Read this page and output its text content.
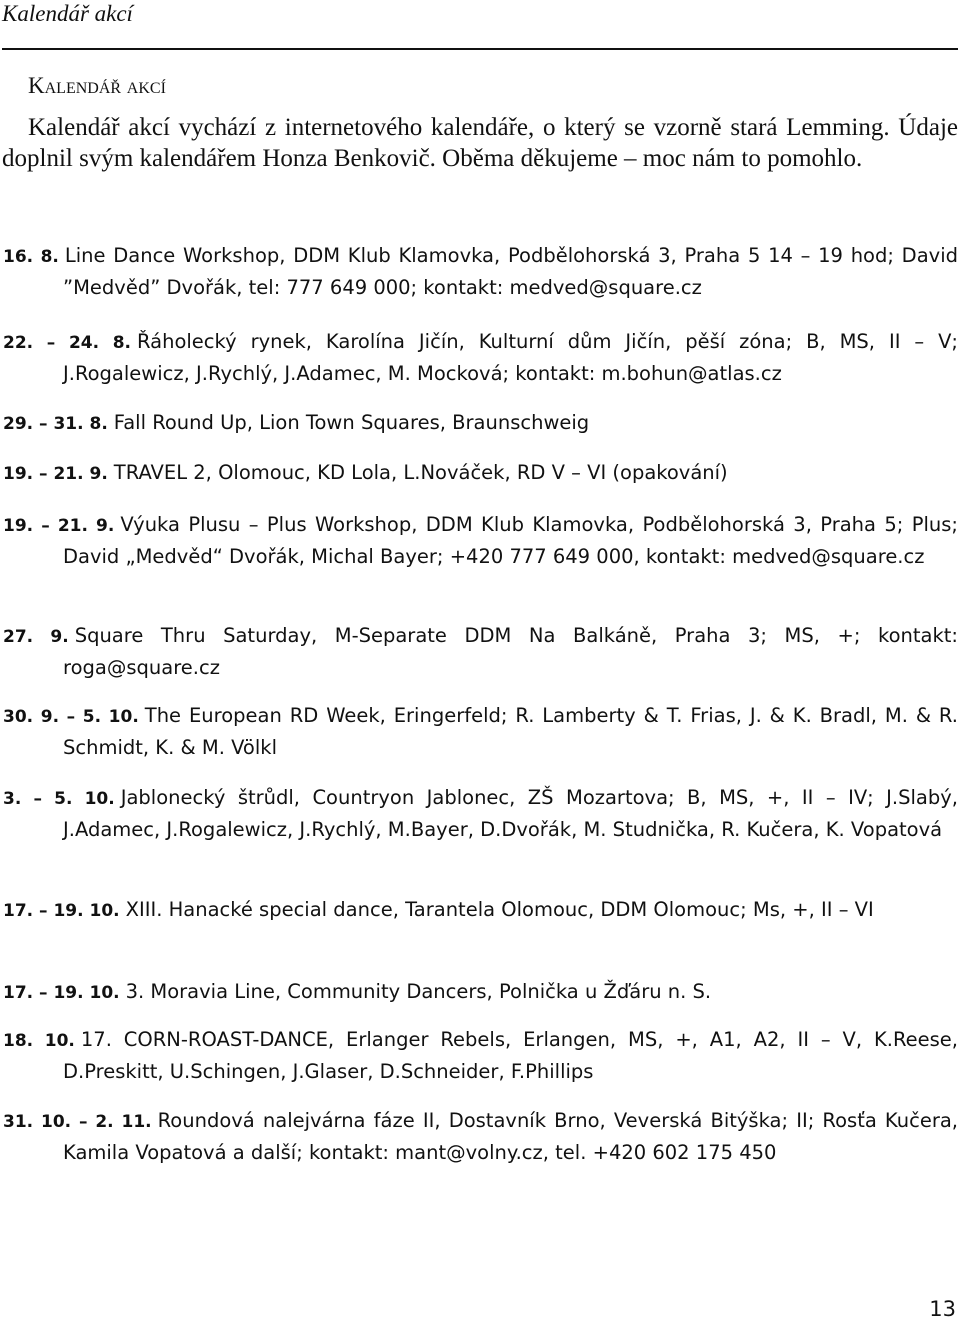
Kalendář akcí
Kalendář akcí
Kalendář akcí vychází z internetového kalendáře, o který se vzorně stará Lemming. Údaje doplnil svým kalendářem Honza Benkovič. Oběma děkujeme – moc nám to pomohlo.
16. 8. Line Dance Workshop, DDM Klub Klamovka, Podbělohorská 3, Praha 5 14 – 19 hod; David ”Medvěd” Dvořák, tel: 777 649 000; kontakt: medved@square.cz
22. – 24. 8. Řáholecký rynek, Karolína Jičín, Kulturní dům Jičín, pěší zóna; B, MS, II – V; J.Rogalewicz, J.Rychlý, J.Adamec, M. Mocková; kontakt: m.bohun@atlas.cz
29. – 31. 8. Fall Round Up, Lion Town Squares, Braunschweig
19. – 21. 9. TRAVEL 2, Olomouc, KD Lola, L.Nováček, RD V – VI (opakování)
19. – 21. 9. Výuka Plusu – Plus Workshop, DDM Klub Klamovka, Podbělohorská 3, Praha 5; Plus; David „Medvěd“ Dvořák, Michal Bayer; +420 777 649 000, kontakt: medved@square.cz
27. 9. Square Thru Saturday, M-Separate DDM Na Balkáně, Praha 3; MS, +; kontakt: roga@square.cz
30. 9. – 5. 10. The European RD Week, Eringerfeld; R. Lamberty & T. Frias, J. & K. Bradl, M. & R. Schmidt, K. & M. Völkl
3. – 5. 10. Jablonecký štrůdl, Countryon Jablonec, ZŠ Mozartova; B, MS, +, II – IV; J.Slabý, J.Adamec, J.Rogalewicz, J.Rychlý, M.Bayer, D.Dvořák, M. Studnička, R. Kučera, K. Vopatová
17. – 19. 10. XIII. Hanacké special dance, Tarantela Olomouc, DDM Olomouc; Ms, +, II – VI
17. – 19. 10. 3. Moravia Line, Community Dancers, Polnička u Žďáru n. S.
18. 10. 17. CORN-ROAST-DANCE, Erlanger Rebels, Erlangen, MS, +, A1, A2, II – V, K.Reese, D.Preskitt, U.Schingen, J.Glaser, D.Schneider, F.Phillips
31. 10. – 2. 11. Roundová nalejvárna fáze II, Dostavník Brno, Veverská Bitýška; II; Rosťa Kučera, Kamila Vopatová a další; kontakt: mant@volny.cz, tel. +420 602 175 450
13
